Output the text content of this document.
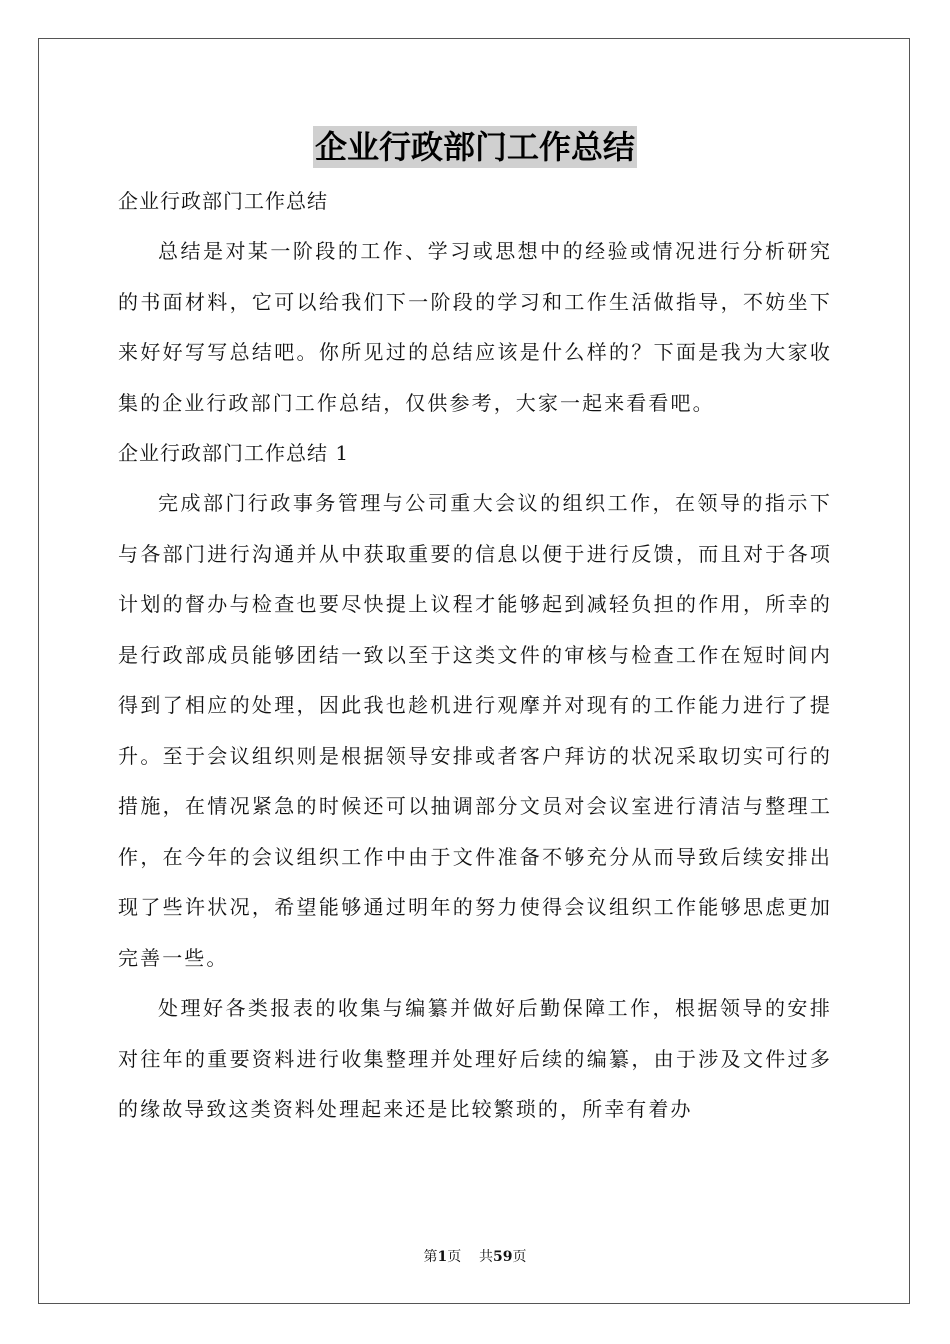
企业行政部门工作总结

企业行政部门工作总结

总结是对某一阶段的工作、学习或思想中的经验或情况进行分析研究的书面材料，它可以给我们下一阶段的学习和工作生活做指导，不妨坐下来好好写写总结吧。你所见过的总结应该是什么样的？下面是我为大家收集的企业行政部门工作总结，仅供参考，大家一起来看看吧。

企业行政部门工作总结 1

完成部门行政事务管理与公司重大会议的组织工作，在领导的指示下与各部门进行沟通并从中获取重要的信息以便于进行反馈，而且对于各项计划的督办与检查也要尽快提上议程才能够起到减轻负担的作用，所幸的是行政部成员能够团结一致以至于这类文件的审核与检查工作在短时间内得到了相应的处理，因此我也趁机进行观摩并对现有的工作能力进行了提升。至于会议组织则是根据领导安排或者客户拜访的状况采取切实可行的措施，在情况紧急的时候还可以抽调部分文员对会议室进行清洁与整理工作，在今年的会议组织工作中由于文件准备不够充分从而导致后续安排出现了些许状况，希望能够通过明年的努力使得会议组织工作能够思虑更加完善一些。

处理好各类报表的收集与编纂并做好后勤保障工作，根据领导的安排对往年的重要资料进行收集整理并处理好后续的编纂，由于涉及文件过多的缘故导致这类资料处理起来还是比较繁琐的，所幸有着办

第1页 共59页
